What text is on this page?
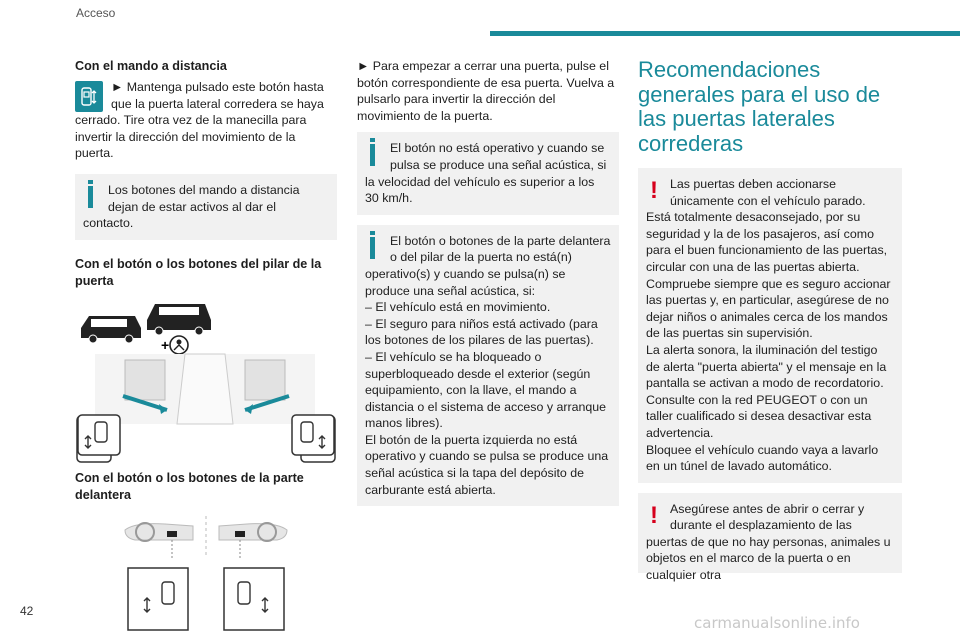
Acceso
Con el mando a distancia

► Mantenga pulsado este botón hasta que la puerta lateral corredera se haya cerrado. Tire otra vez de la manecilla para invertir la dirección del movimiento de la puerta.

Los botones del mando a distancia dejan de estar activos al dar el contacto.

Con el botón o los botones del pilar de la puerta
+
Con el botón o los botones de la parte delantera

► Para empezar a cerrar una puerta, pulse el botón correspondiente de esa puerta. Vuelva a pulsarlo para invertir la dirección del movimiento de la puerta.

El botón no está operativo y cuando se pulsa se produce una señal acústica, si la velocidad del vehículo es superior a los 30 km/h.

El botón o botones de la parte delantera o del pilar de la puerta no está(n) operativo(s) y cuando se pulsa(n) se produce una señal acústica, si:

– El vehículo está en movimiento.

– El seguro para niños está activado (para los botones de los pilares de las puertas).

– El vehículo se ha bloqueado o superbloqueado desde el exterior (según equipamiento, con la llave, el mando a distancia o el sistema de acceso y arranque manos libres).

El botón de la puerta izquierda no está operativo y cuando se pulsa se produce una señal acústica si la tapa del depósito de carburante está abierta.

Recomendaciones generales para el uso de las puertas laterales correderas
! Las puertas deben accionarse únicamente con el vehículo parado.

Está totalmente desaconsejado, por su seguridad y la de los pasajeros, así como para el buen funcionamiento de las puertas, circular con una de las puertas abierta.

Compruebe siempre que es seguro accionar las puertas y, en particular, asegúrese de no dejar niños o animales cerca de los mandos de las puertas sin supervisión.

La alerta sonora, la iluminación del testigo de alerta "puerta abierta" y el mensaje en la pantalla se activan a modo de recordatorio.

Consulte con la red PEUGEOT o con un taller cualificado si desea desactivar esta advertencia.

Bloquee el vehículo cuando vaya a lavarlo en un túnel de lavado automático.

! Asegúrese antes de abrir o cerrar y durante el desplazamiento de las puertas de que no hay personas, animales u objetos en el marco de la puerta o en cualquier otra

42
carmanualsonline.info
